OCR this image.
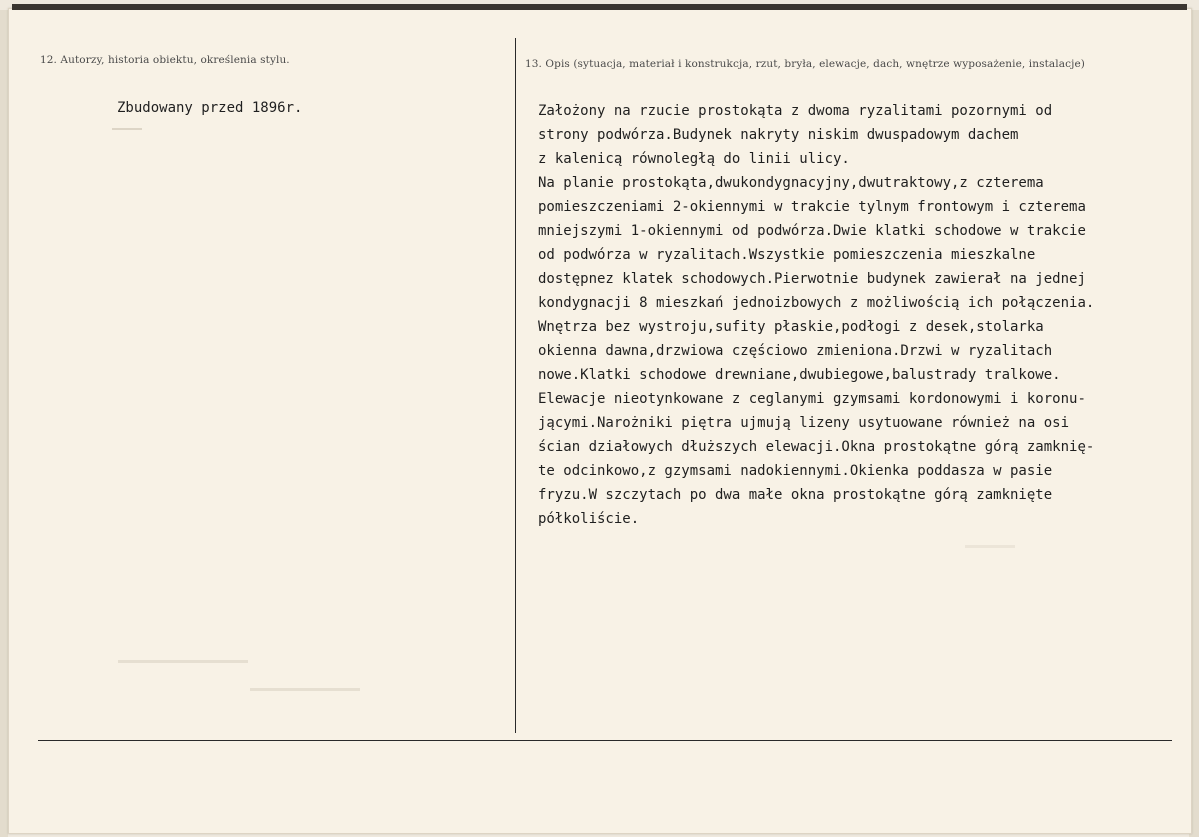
12. Autorzy, historia obiektu, określenia stylu.	13. Opis (sytuacja, materiał i konstrukcja, rzut, bryła, elewacje, dach, wnętrze wyposażenie, instalacje)
Zbudowany przed 1896r.	Założony na rzucie prostokąta z dwoma ryzalitami pozornymi od
strony podwórza.Budynek nakryty niskim dwuspadowym dachem
z kalenicą równoległą do linii ulicy.
Na planie prostokąta,dwukondygnacyjny,dwutraktowy,z czterema
pomieszczeniami 2-okiennymi w trakcie tylnym frontowym i czterema
mniejszymi 1-okiennymi od podwórza.Dwie klatki schodowe w trakcie
od podwórza w ryzalitach.Wszystkie pomieszczenia mieszkalne
dostępnez klatek schodowych.Pierwotnie budynek zawierał na jednej
kondygnacji 8 mieszkań jednoizbowych z możliwością ich połączenia.
Wnętrza bez wystroju,sufity płaskie,podłogi z desek,stolarka
okienna dawna,drzwiowa częściowo zmieniona.Drzwi w ryzalitach
nowe.Klatki schodowe drewniane,dwubiegowe,balustrady tralkowe.
Elewacje nieotynkowane z ceglanymi gzymsami kordonowymi i koronu-
jącymi.Narożniki piętra ujmują lizeny usytuowane również na osi
ścian działowych dłuższych elewacji.Okna prostokątne górą zamknię-
te odcinkowo,z gzymsami nadokiennymi.Okienka poddasza w pasie
fryzu.W szczytach po dwa małe okna prostokątne górą zamknięte
półkoliście.
